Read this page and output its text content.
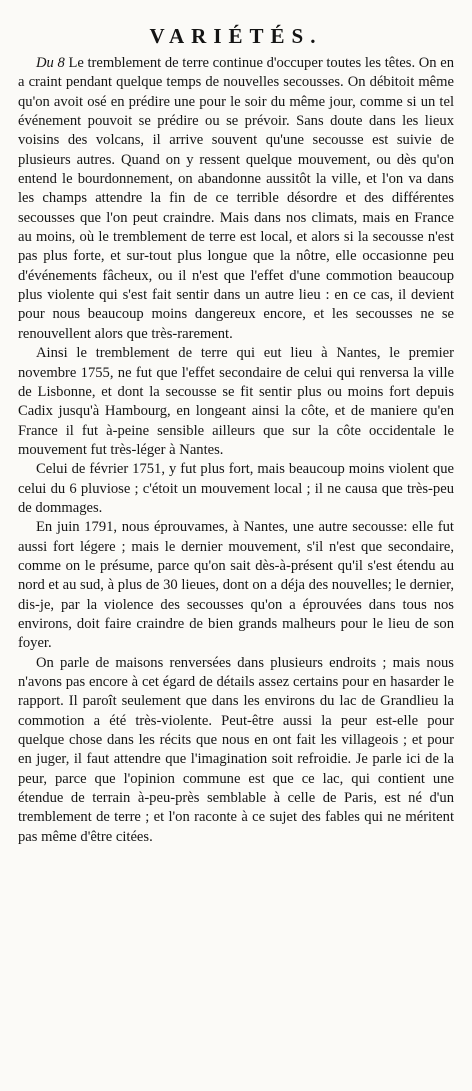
VARIÉTÉS.

Du 8 Le tremblement de terre continue d'occuper toutes les têtes. On en a craint pendant quelque temps de nouvelles secousses. On débitoit même qu'on avoit osé en prédire une pour le soir du même jour, comme si un tel événement pouvoit se prédire ou se prévoir. Sans doute dans les lieux voisins des volcans, il arrive souvent qu'une secousse est suivie de plusieurs autres. Quand on y ressent quelque mouvement, ou dès qu'on entend le bourdonnement, on abandonne aussitôt la ville, et l'on va dans les champs attendre la fin de ce terrible désordre et des différentes secousses que l'on peut craindre. Mais dans nos climats, mais en France au moins, où le tremblement de terre est local, et alors si la secousse n'est pas plus forte, et sur-tout plus longue que la nôtre, elle occasionne peu d'événements fâcheux, ou il n'est que l'effet d'une commotion beaucoup plus violente qui s'est fait sentir dans un autre lieu : en ce cas, il devient pour nous beaucoup moins dangereux encore, et les secousses ne se renouvellent alors que très-rarement.

Ainsi le tremblement de terre qui eut lieu à Nantes, le premier novembre 1755, ne fut que l'effet secondaire de celui qui renversa la ville de Lisbonne, et dont la secousse se fit sentir plus ou moins fort depuis Cadix jusqu'à Hambourg, en longeant ainsi la côte, et de maniere qu'en France il fut à-peine sensible ailleurs que sur la côte occidentale le mouvement fut très-léger à Nantes.

Celui de février 1751, y fut plus fort, mais beaucoup moins violent que celui du 6 pluviose ; c'étoit un mouvement local ; il ne causa que très-peu de dommages.

En juin 1791, nous éprouvames, à Nantes, une autre secousse: elle fut aussi fort légere ; mais le dernier mouvement, s'il n'est que secondaire, comme on le présume, parce qu'on sait dès-à-présent qu'il s'est étendu au nord et au sud, à plus de 30 lieues, dont on a déja des nouvelles; le dernier, dis-je, par la violence des secousses qu'on a éprouvées dans tous nos environs, doit faire craindre de bien grands malheurs pour le lieu de son foyer.

On parle de maisons renversées dans plusieurs endroits ; mais nous n'avons pas encore à cet égard de détails assez certains pour en hasarder le rapport. Il paroît seulement que dans les environs du lac de Grandlieu la commotion a été très-violente. Peut-être aussi la peur est-elle pour quelque chose dans les récits que nous en ont fait les villageois ; et pour en juger, il faut attendre que l'imagination soit refroidie. Je parle ici de la peur, parce que l'opinion commune est que ce lac, qui contient une étendue de terrain à-peu-près semblable à celle de Paris, est né d'un tremblement de terre ; et l'on raconte à ce sujet des fables qui ne méritent pas même d'être citées.
